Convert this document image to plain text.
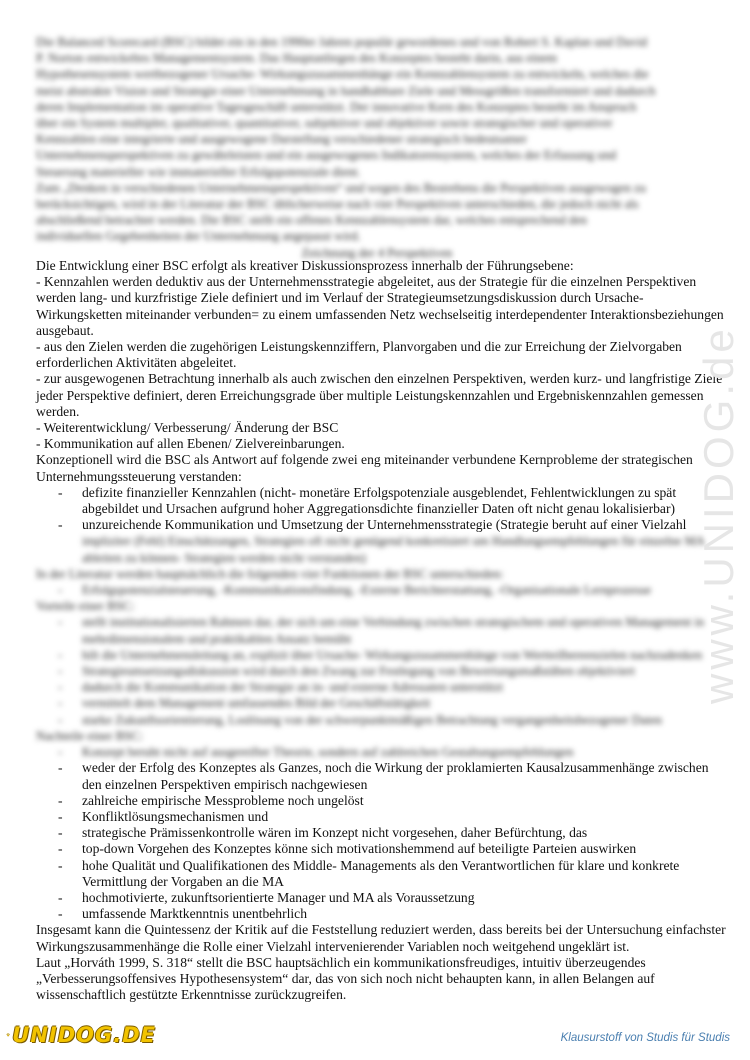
Die Balanced Scorecard (BSC) bildet ein in den 1990er Jahren populär gewordenes und von Robert S. Kaplan und David

P. Norton entwickeltes Managementsystem. Das Hauptanliegen des Konzeptes besteht darin, aus einem

Hypothesensystem wertbezogener Ursache- Wirkungszusammenhänge ein Kennzahlensystem zu entwickeln, welches die

meist abstrakte Vision und Strategie einer Unternehmung in handhabbare Ziele und Messgrößen transformiert und dadurch

deren Implementation im operative Tagesgeschäft unterstützt. Der innovative Kern des Konzeptes besteht im Anspruch

über ein System multipler, qualitativer, quantitativer, subjektiver und objektiver sowie strategischer und operativer

Kennzahlen eine integrierte und ausgewogene Darstellung verschiedener strategisch bedeutsamer

Unternehmensperspektiven zu gewährleisten und ein ausgewogenes Indikatorensystem, welches der Erfassung und

Steuerung materieller wie immaterieller Erfolgspotenziale dient.

Zum „Denken in verschiedenen Unternehmensperspektiven“ und wegen des Bestrebens die Perspektiven ausgewogen zu

berücksichtigen, wird in der Literatur der BSC üblicherweise nach vier Perspektiven unterschieden, die jedoch nicht als

abschließend betrachtet werden. Die BSC stellt ein offenes Kennzahlensystem dar, welches entsprechend den

individuellen Gegebenheiten der Unternehmung angepasst wird.

Zeichnung der 4 Perspektiven

Die Entwicklung einer BSC erfolgt als kreativer Diskussionsprozess innerhalb der Führungsebene:

- Kennzahlen werden deduktiv aus der Unternehmensstrategie abgeleitet, aus der Strategie für die einzelnen Perspektiven werden lang- und kurzfristige Ziele definiert und im Verlauf der Strategieumsetzungsdiskussion durch Ursache- Wirkungsketten miteinander verbunden= zu einem umfassenden Netz wechselseitig interdependenter Interaktionsbeziehungen ausgebaut.

- aus den Zielen werden die zugehörigen Leistungskennziffern, Planvorgaben und die zur Erreichung der Zielvorgaben erforderlichen Aktivitäten abgeleitet.

- zur ausgewogenen Betrachtung innerhalb als auch zwischen den einzelnen Perspektiven, werden kurz- und langfristige Ziele jeder Perspektive definiert, deren Erreichungsgrade über multiple Leistungskennzahlen und Ergebniskennzahlen gemessen werden.

- Weiterentwicklung/ Verbesserung/ Änderung der BSC

- Kommunikation auf allen Ebenen/ Zielvereinbarungen.

Konzeptionell wird die BSC als Antwort auf folgende zwei eng miteinander verbundene Kernprobleme der strategischen Unternehmungssteuerung verstanden:

- defizite finanzieller Kennzahlen (nicht- monetäre Erfolgspotenziale ausgeblendet, Fehlentwicklungen zu spät abgebildet und Ursachen aufgrund hoher Aggregationsdichte finanzieller Daten oft nicht genau lokalisierbar)
- unzureichende Kommunikation und Umsetzung der Unternehmensstrategie (Strategie beruht auf einer Vielzahl

impliziter (Fehl) Einschätzungen, Strategien oft nicht genügend konkretisiert um Handlungsempfehlungen für einzelne MA ableiten zu können- Strategien werden nicht verstanden)

In der Literatur werden hauptsächlich die folgenden vier Funktionen der BSC unterschieden:

- Erfolgspotenzialsteuerung, -Kommunikationsfindung, -Externe Berichterstattung, -Organisationale Lernprozesse

Vorteile einer BSC:

- stellt institutionalisierten Rahmen dar, der sich um eine Verbindung zwischen strategischem und operativen Management in mehrdimensionalem und praktikablen Ansatz bemüht
- hilt die Unternehmensleitung an, explizit über Ursache- Wirkungszusammenhänge von Wertteilbereenzielen nachzudenken
- Strategieumsetzungsdiskussion wird durch den Zwang zur Festlegung von Bewertungsmaßstäben objektiviert
- dadurch die Kommunikation der Strategie an in- und externe Adressaten unterstützt
- vermittelt dem Management umfassendes Bild der Geschäftstätigkeit
- starke Zukunftsorientierung, Loslösung von der schwerpunktmäßigen Betrachtung vergangenheitsbezogener Daten

Nachteile einer BSC:

- Konzept beruht nicht auf ausgereifter Theorie, sondern auf zahlreichen Gestaltungsempfehlungen
- weder der Erfolg des Konzeptes als Ganzes, noch die Wirkung der proklamierten Kausalzusammenhänge zwischen den einzelnen Perspektiven empirisch nachgewiesen
- zahlreiche empirische Messprobleme noch ungelöst
- Konfliktlösungsmechanismen und
- strategische Prämissenkontrolle wären im Konzept nicht vorgesehen, daher Befürchtung, das
- top-down Vorgehen des Konzeptes könne sich motivationshemmend auf beteiligte Parteien auswirken
- hohe Qualität und Qualifikationen des Middle- Managements als den Verantwortlichen für klare und konkrete Vermittlung der Vorgaben an die MA
- hochmotivierte, zukunftsorientierte Manager und MA als Voraussetzung
- umfassende Marktkenntnis unentbehrlich

Insgesamt kann die Quintessenz der Kritik auf die Feststellung reduziert werden, dass bereits bei der Untersuchung einfachster Wirkungszusammenhänge die Rolle einer Vielzahl intervenierender Variablen noch weitgehend ungeklärt ist.

Laut „Horváth 1999, S. 318“ stellt die BSC hauptsächlich ein kommunikationsfreudiges, intuitiv überzeugendes „Verbesserungsoffensives Hypothesensystem“ dar, das von sich noch nicht behaupten kann, in allen Belangen auf wissenschaftlich gestützte Erkenntnisse zurückzugreifen.

www.UNIDOG.de
UNIDOG.DE	Klausurstoff von Studis für Studis
